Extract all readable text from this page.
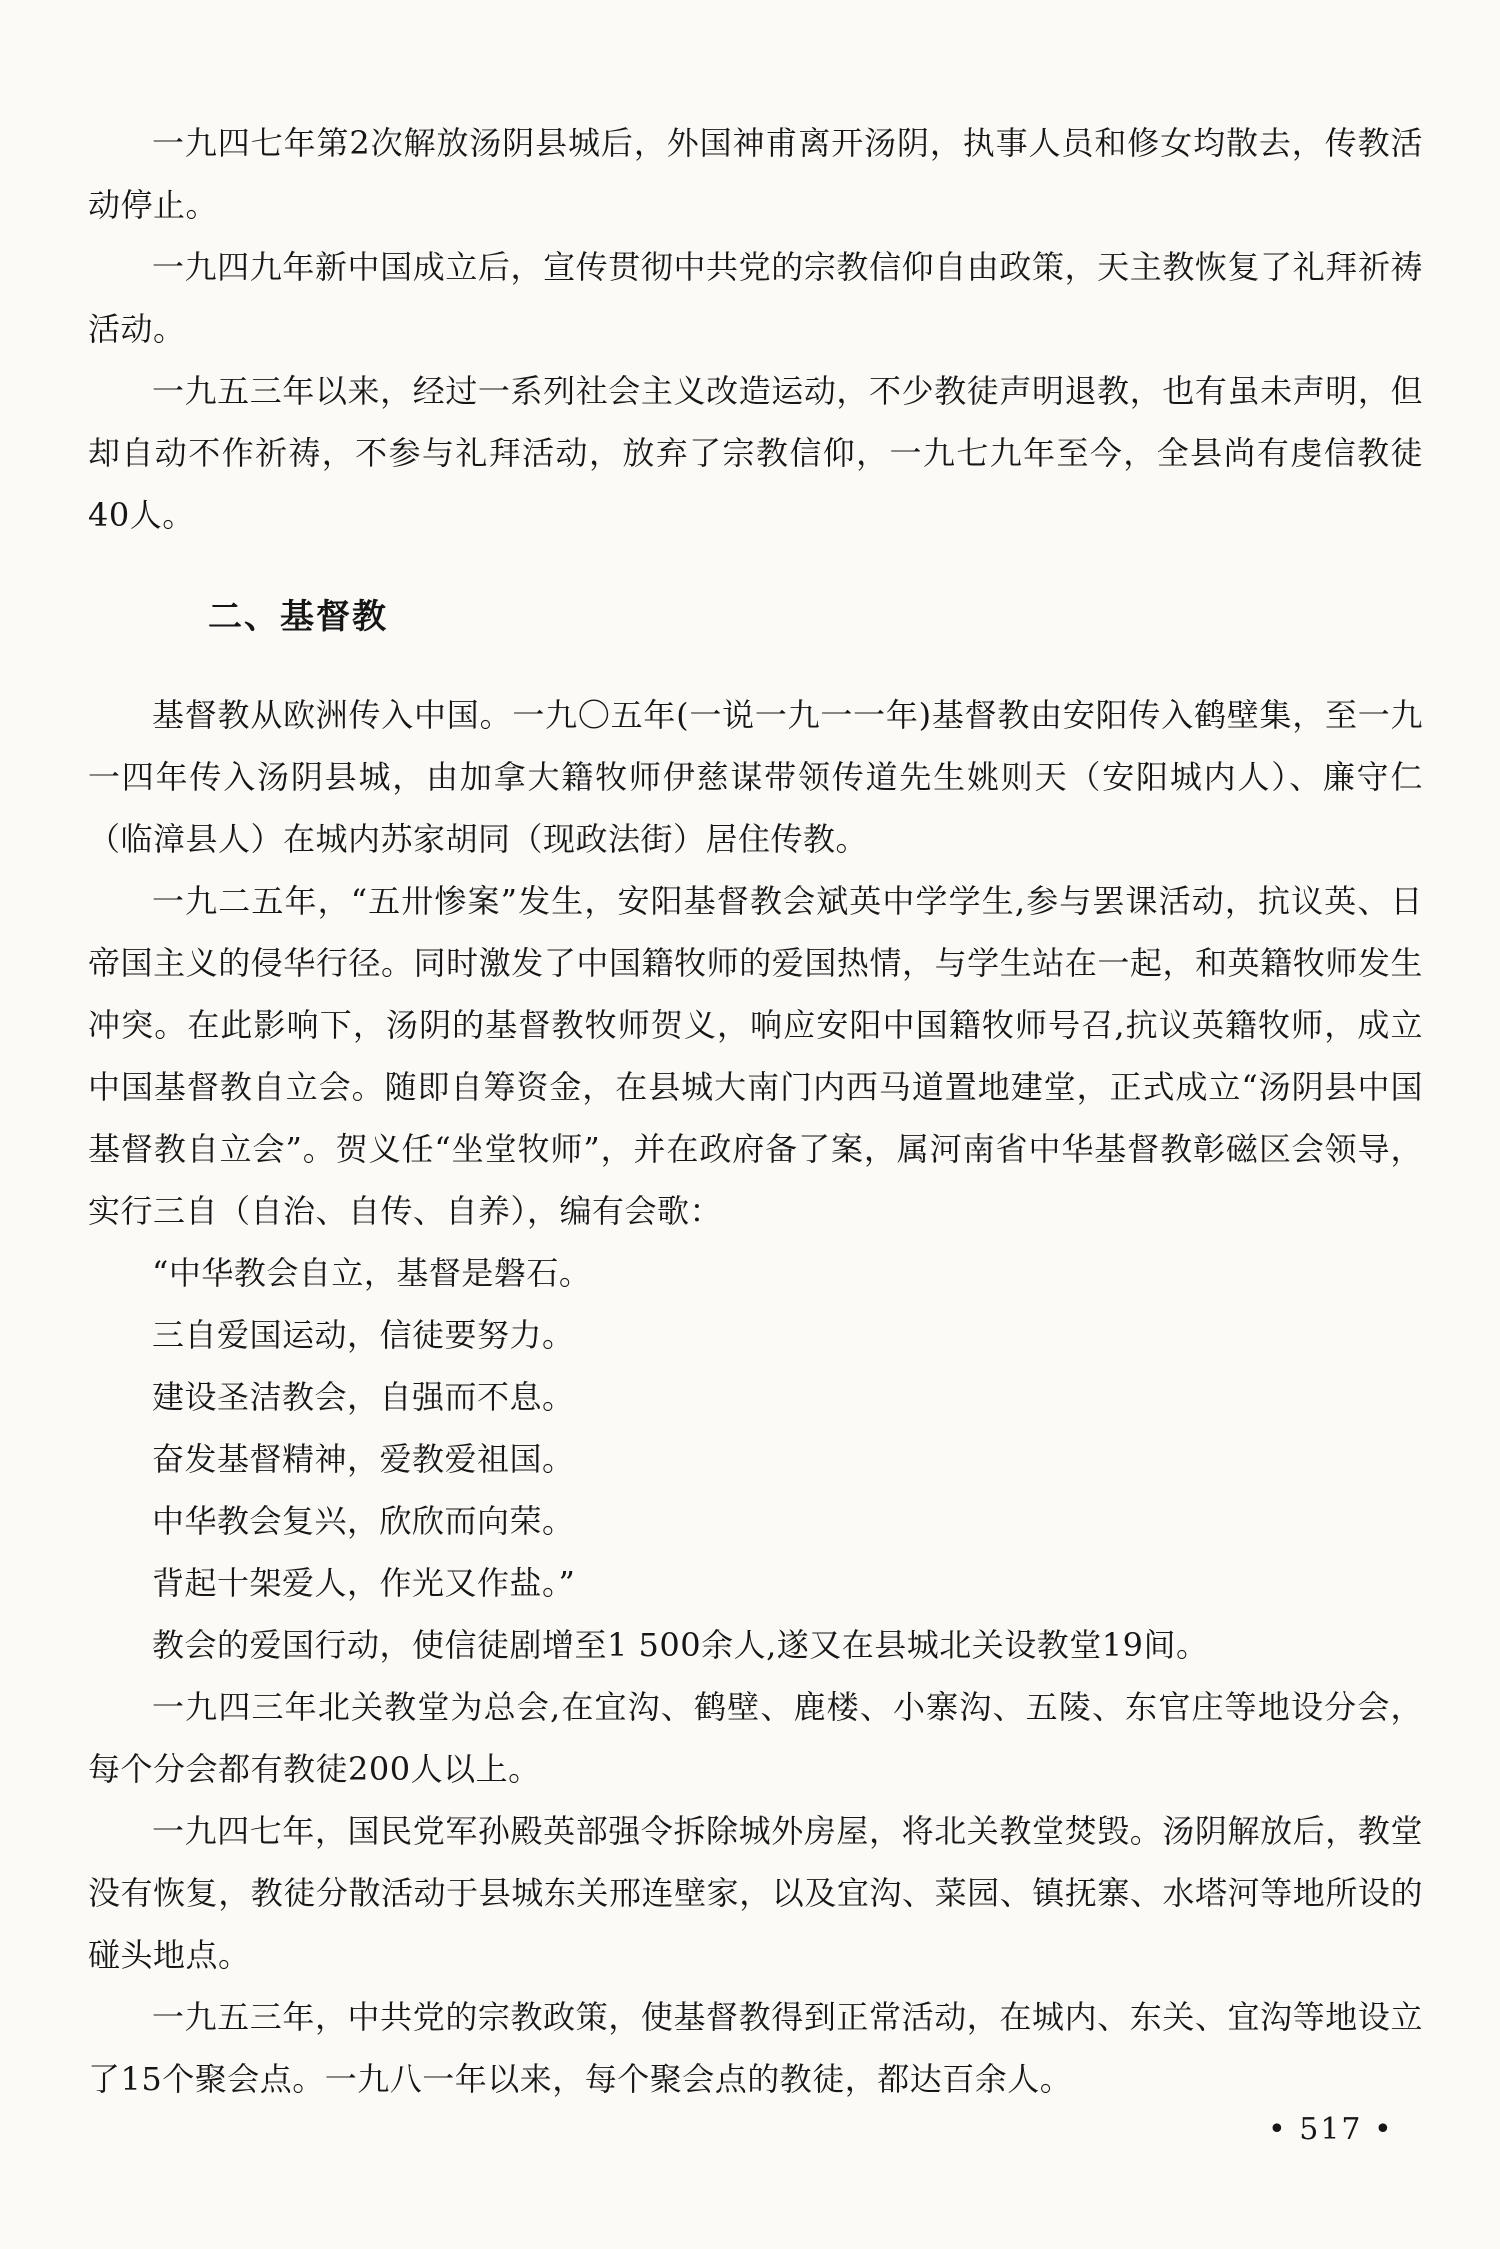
一九四七年第2次解放汤阴县城后，外国神甫离开汤阴，执事人员和修女均散去，传教活动停止。

一九四九年新中国成立后，宣传贯彻中共党的宗教信仰自由政策，天主教恢复了礼拜祈祷活动。

一九五三年以来，经过一系列社会主义改造运动，不少教徒声明退教，也有虽未声明，但却自动不作祈祷，不参与礼拜活动，放弃了宗教信仰，一九七九年至今，全县尚有虔信教徒40人。

二、基督教

基督教从欧洲传入中国。一九〇五年(一说一九一一年)基督教由安阳传入鹤壁集，至一九一四年传入汤阴县城，由加拿大籍牧师伊慈谋带领传道先生姚则天（安阳城内人）、廉守仁（临漳县人）在城内苏家胡同（现政法街）居住传教。

一九二五年，“五卅惨案”发生，安阳基督教会斌英中学学生,参与罢课活动，抗议英、日帝国主义的侵华行径。同时激发了中国籍牧师的爱国热情，与学生站在一起，和英籍牧师发生冲突。在此影响下，汤阴的基督教牧师贺义，响应安阳中国籍牧师号召,抗议英籍牧师，成立中国基督教自立会。随即自筹资金，在县城大南门内西马道置地建堂，正式成立“汤阴县中国基督教自立会”。贺义任“坐堂牧师”，并在政府备了案，属河南省中华基督教彰磁区会领导，实行三自（自治、自传、自养），编有会歌：

“中华教会自立，基督是磐石。

三自爱国运动，信徒要努力。

建设圣洁教会，自强而不息。

奋发基督精神，爱教爱祖国。

中华教会复兴，欣欣而向荣。

背起十架爱人，作光又作盐。”

教会的爱国行动，使信徒剧增至1 500余人,遂又在县城北关设教堂19间。

一九四三年北关教堂为总会,在宜沟、鹤壁、鹿楼、小寨沟、五陵、东官庄等地设分会，每个分会都有教徒200人以上。

一九四七年，国民党军孙殿英部强令拆除城外房屋，将北关教堂焚毁。汤阴解放后，教堂没有恢复，教徒分散活动于县城东关邢连壁家，以及宜沟、菜园、镇抚寨、水塔河等地所设的碰头地点。

一九五三年，中共党的宗教政策，使基督教得到正常活动，在城内、东关、宜沟等地设立了15个聚会点。一九八一年以来，每个聚会点的教徒，都达百余人。

• 517 •
